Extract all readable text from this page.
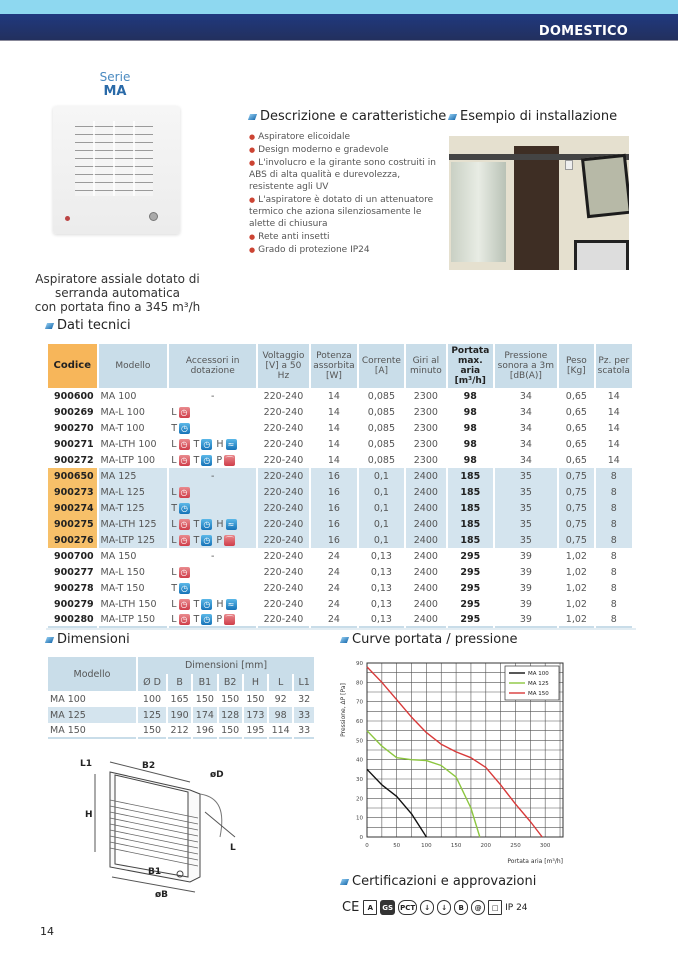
DOMESTICO
Serie
MA
Aspiratore assiale dotato di
serranda automatica
con portata fino a 345 m³/h
Descrizione e caratteristiche
● Aspiratore elicoidale
● Design moderno e gradevole
● L'involucro e la girante sono costruiti in ABS di alta qualità e durevolezza, resistente agli UV
● L'aspiratore è dotato di un attenuatore termico che aziona silenziosamente le alette di chiusura
● Rete anti insetti
● Grado di protezione IP24
Esempio di installazione
Dati tecnici
Codice	Modello	Accessori in dotazione	Voltaggio [V] a 50 Hz	Potenza assorbita [W]	Corrente [A]	Giri al minuto	Portata max. aria [m³/h]	Pressione sonora a 3m [dB(A)]	Peso [Kg]	Pz. per scatola
900600	MA 100	-	220-240	14	0,085	2300	98	34	0,65	14
900269	MA-L 100	L ◷	220-240	14	0,085	2300	98	34	0,65	14
900270	MA-T 100	T ◷	220-240	14	0,085	2300	98	34	0,65	14
900271	MA-LTH 100	L ◷ T ◷ H ≈	220-240	14	0,085	2300	98	34	0,65	14
900272	MA-LTP 100	L ◷ T ◷ P ⌒	220-240	14	0,085	2300	98	34	0,65	14
900650	MA 125	-	220-240	16	0,1	2400	185	35	0,75	8
900273	MA-L 125	L ◷	220-240	16	0,1	2400	185	35	0,75	8
900274	MA-T 125	T ◷	220-240	16	0,1	2400	185	35	0,75	8
900275	MA-LTH 125	L ◷ T ◷ H ≈	220-240	16	0,1	2400	185	35	0,75	8
900276	MA-LTP 125	L ◷ T ◷ P ⌒	220-240	16	0,1	2400	185	35	0,75	8
900700	MA 150	-	220-240	24	0,13	2400	295	39	1,02	8
900277	MA-L 150	L ◷	220-240	24	0,13	2400	295	39	1,02	8
900278	MA-T 150	T ◷	220-240	24	0,13	2400	295	39	1,02	8
900279	MA-LTH 150	L ◷ T ◷ H ≈	220-240	24	0,13	2400	295	39	1,02	8
900280	MA-LTP 150	L ◷ T ◷ P ⌒	220-240	24	0,13	2400	295	39	1,02	8
Dimensioni
Modello	Dimensioni [mm]						
	Ø D	B	B1	B2	H	L	L1
MA 100	100	165	150	150	150	92	32
MA 125	125	190	174	128	173	98	33
MA 150	150	212	196	150	195	114	33
L1	B2
øD
H
L
B1
øB
Curve portata / pressione
0
10
20
30
40
50
60
70
80
90
0	50	100	150	200	250	300
Portata aria [m³/h]
Pressione, ΔP [Pa]
MA 100
MA 125
MA 150
Certificazioni e approvazioni
CE	A	GS PCT	↓	↓	B	@	□ IP 24
14
